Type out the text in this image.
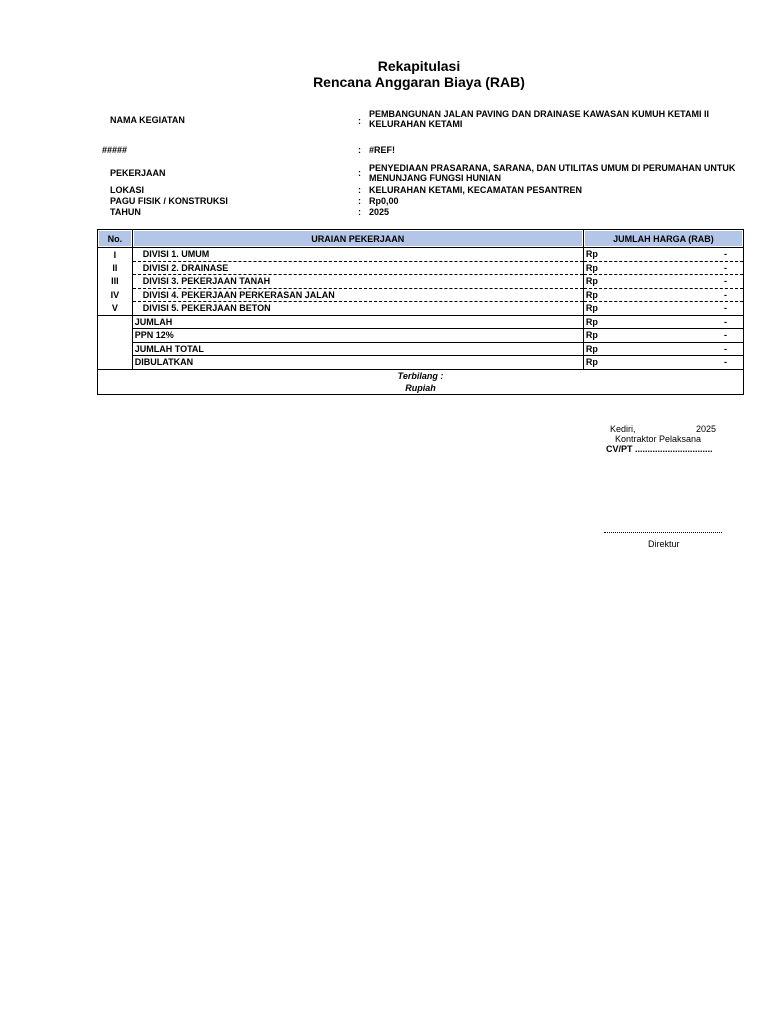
Rekapitulasi
Rencana Anggaran Biaya (RAB)
NAMA KEGIATAN	:
PEMBANGUNAN JALAN PAVING DAN DRAINASE KAWASAN KUMUH KETAMI II KELURAHAN KETAMI
#####	: #REF!
PEKERJAAN	: PENYEDIAAN PRASARANA, SARANA, DAN UTILITAS UMUM DI PERUMAHAN UNTUK MENUNJANG FUNGSI HUNIAN
LOKASI	: KELURAHAN KETAMI, KECAMATAN PESANTREN
PAGU FISIK / KONSTRUKSI	: Rp0,00
TAHUN	: 2025
No.	URAIAN PEKERJAAN	JUMLAH HARGA (RAB)
I	DIVISI 1. UMUM	Rp -

II	DIVISI 2. DRAINASE	Rp -

III	DIVISI 3. PEKERJAAN TANAH	Rp -

IV	DIVISI 4. PEKERJAAN PERKERASAN JALAN	Rp -

V	DIVISI 5. PEKERJAAN BETON	Rp -

	JUMLAH	Rp -

	PPN 12%	Rp -

	JUMLAH TOTAL	Rp -

	DIBULATKAN	Rp -

Terbilang :
Rupiah		
Kediri,	2025
Kontraktor Pelaksana
CV/PT ...............................
Direktur
